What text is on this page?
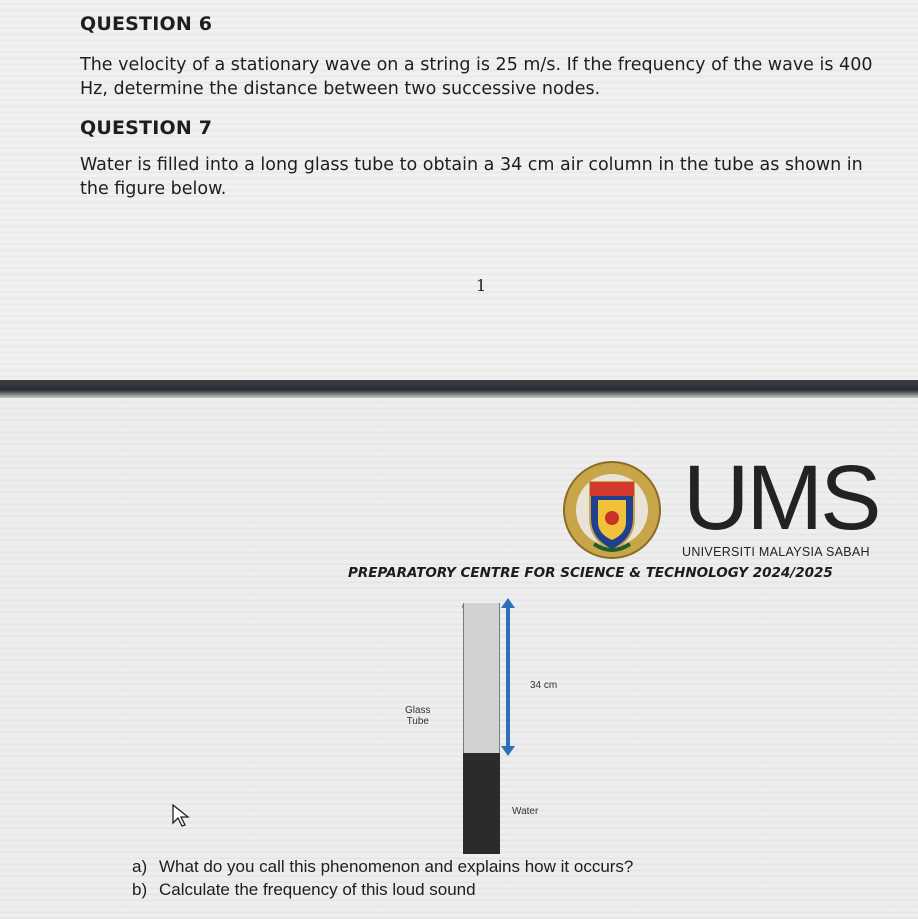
QUESTION 6
The velocity of a stationary wave on a string is 25 m/s. If the frequency of the wave is 400 Hz, determine the distance between two successive nodes.
QUESTION 7
Water is filled into a long glass tube to obtain a 34 cm air column in the tube as shown in the figure below.
1
UMS
UNIVERSITI MALAYSIA SABAH
PREPARATORY CENTRE FOR SCIENCE & TECHNOLOGY 2024/2025
34 cm
Glass
Tube
Water
a) What do you call this phenomenon and explains how it occurs?
b) Calculate the frequency of this loud sound
